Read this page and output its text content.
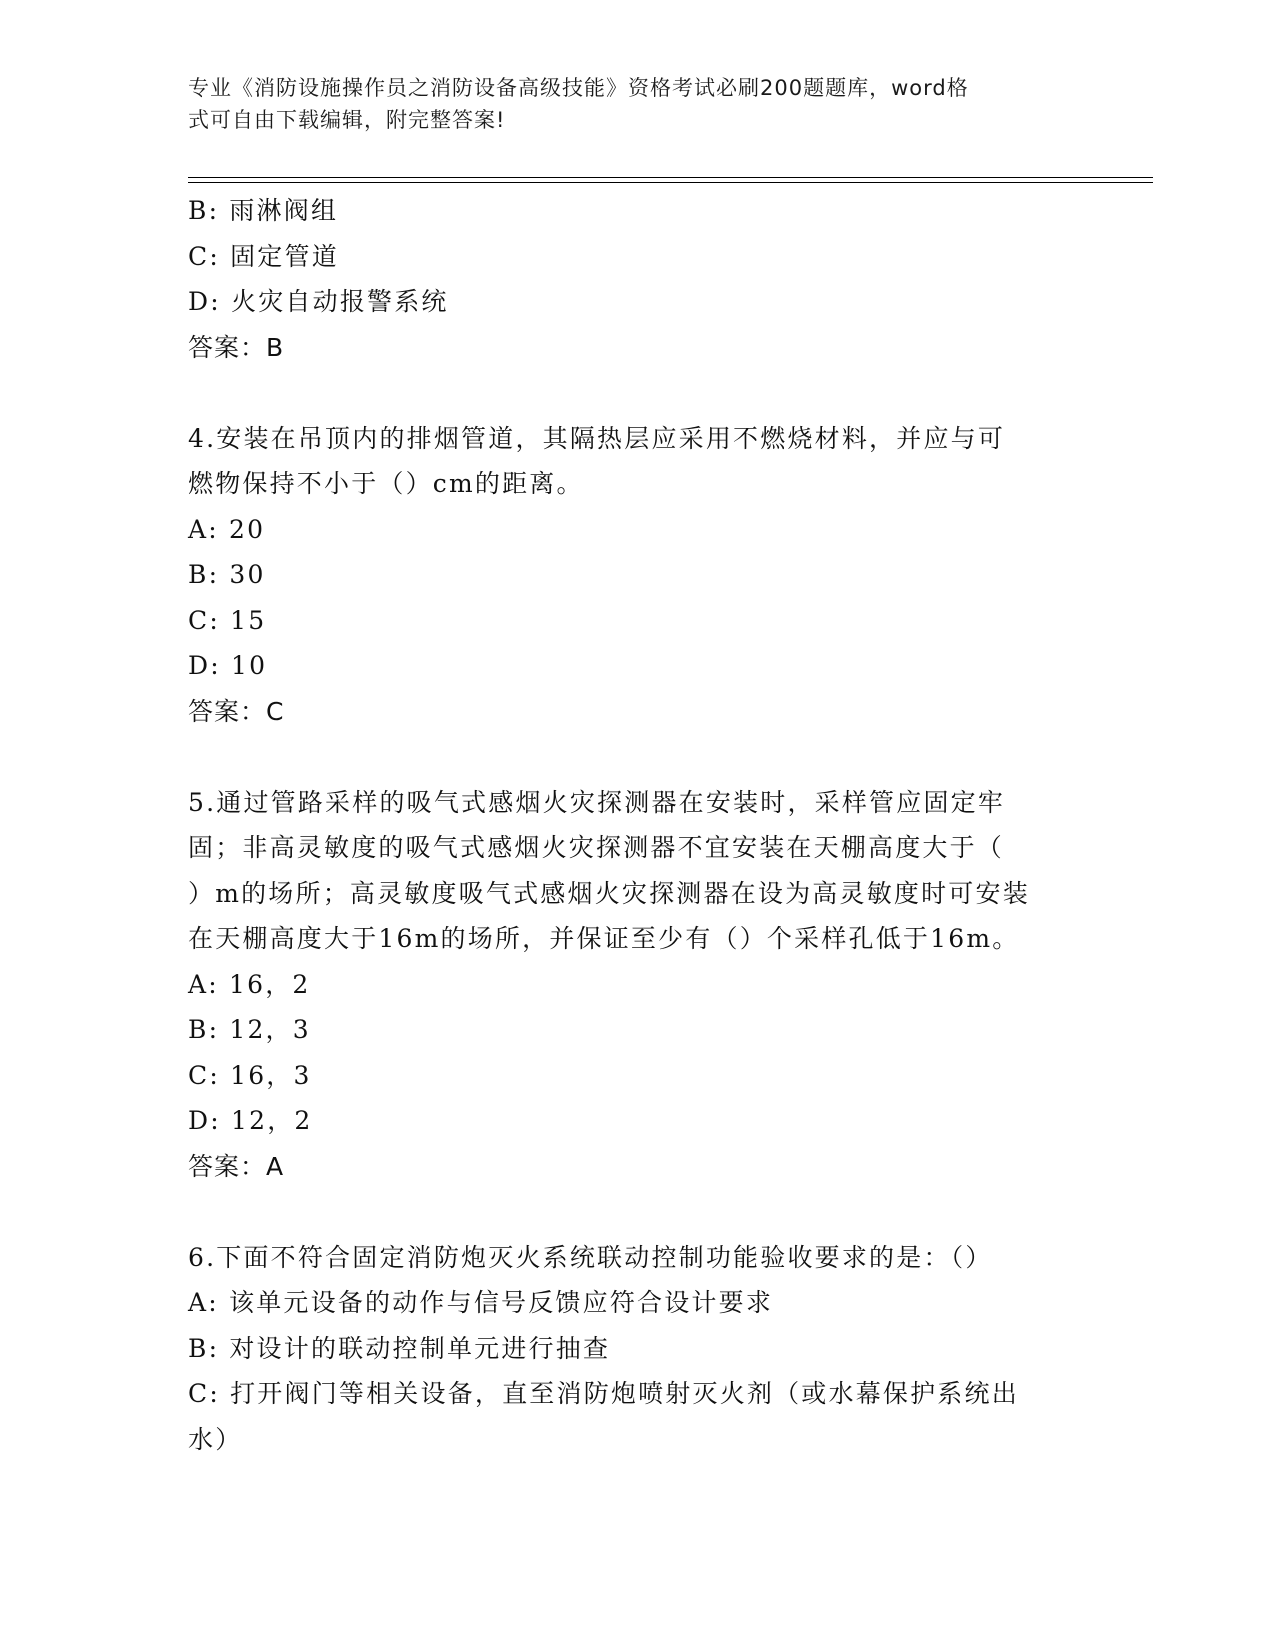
专业《消防设施操作员之消防设备高级技能》资格考试必刷200题题库，word格
式可自由下载编辑，附完整答案!
B: 雨淋阀组
C: 固定管道
D: 火灾自动报警系统
答案：B
4.安装在吊顶内的排烟管道，其隔热层应采用不燃烧材料，并应与可
燃物保持不小于（）cm的距离。
A: 20
B: 30
C: 15
D: 10
答案：C
5.通过管路采样的吸气式感烟火灾探测器在安装时，采样管应固定牢
固；非高灵敏度的吸气式感烟火灾探测器不宜安装在天棚高度大于（
）m的场所；高灵敏度吸气式感烟火灾探测器在设为高灵敏度时可安装
在天棚高度大于16m的场所，并保证至少有（）个采样孔低于16m。
A: 16，2
B: 12，3
C: 16，3
D: 12，2
答案：A
6.下面不符合固定消防炮灭火系统联动控制功能验收要求的是：（）
A: 该单元设备的动作与信号反馈应符合设计要求
B: 对设计的联动控制单元进行抽查
C: 打开阀门等相关设备，直至消防炮喷射灭火剂（或水幕保护系统出
水）
